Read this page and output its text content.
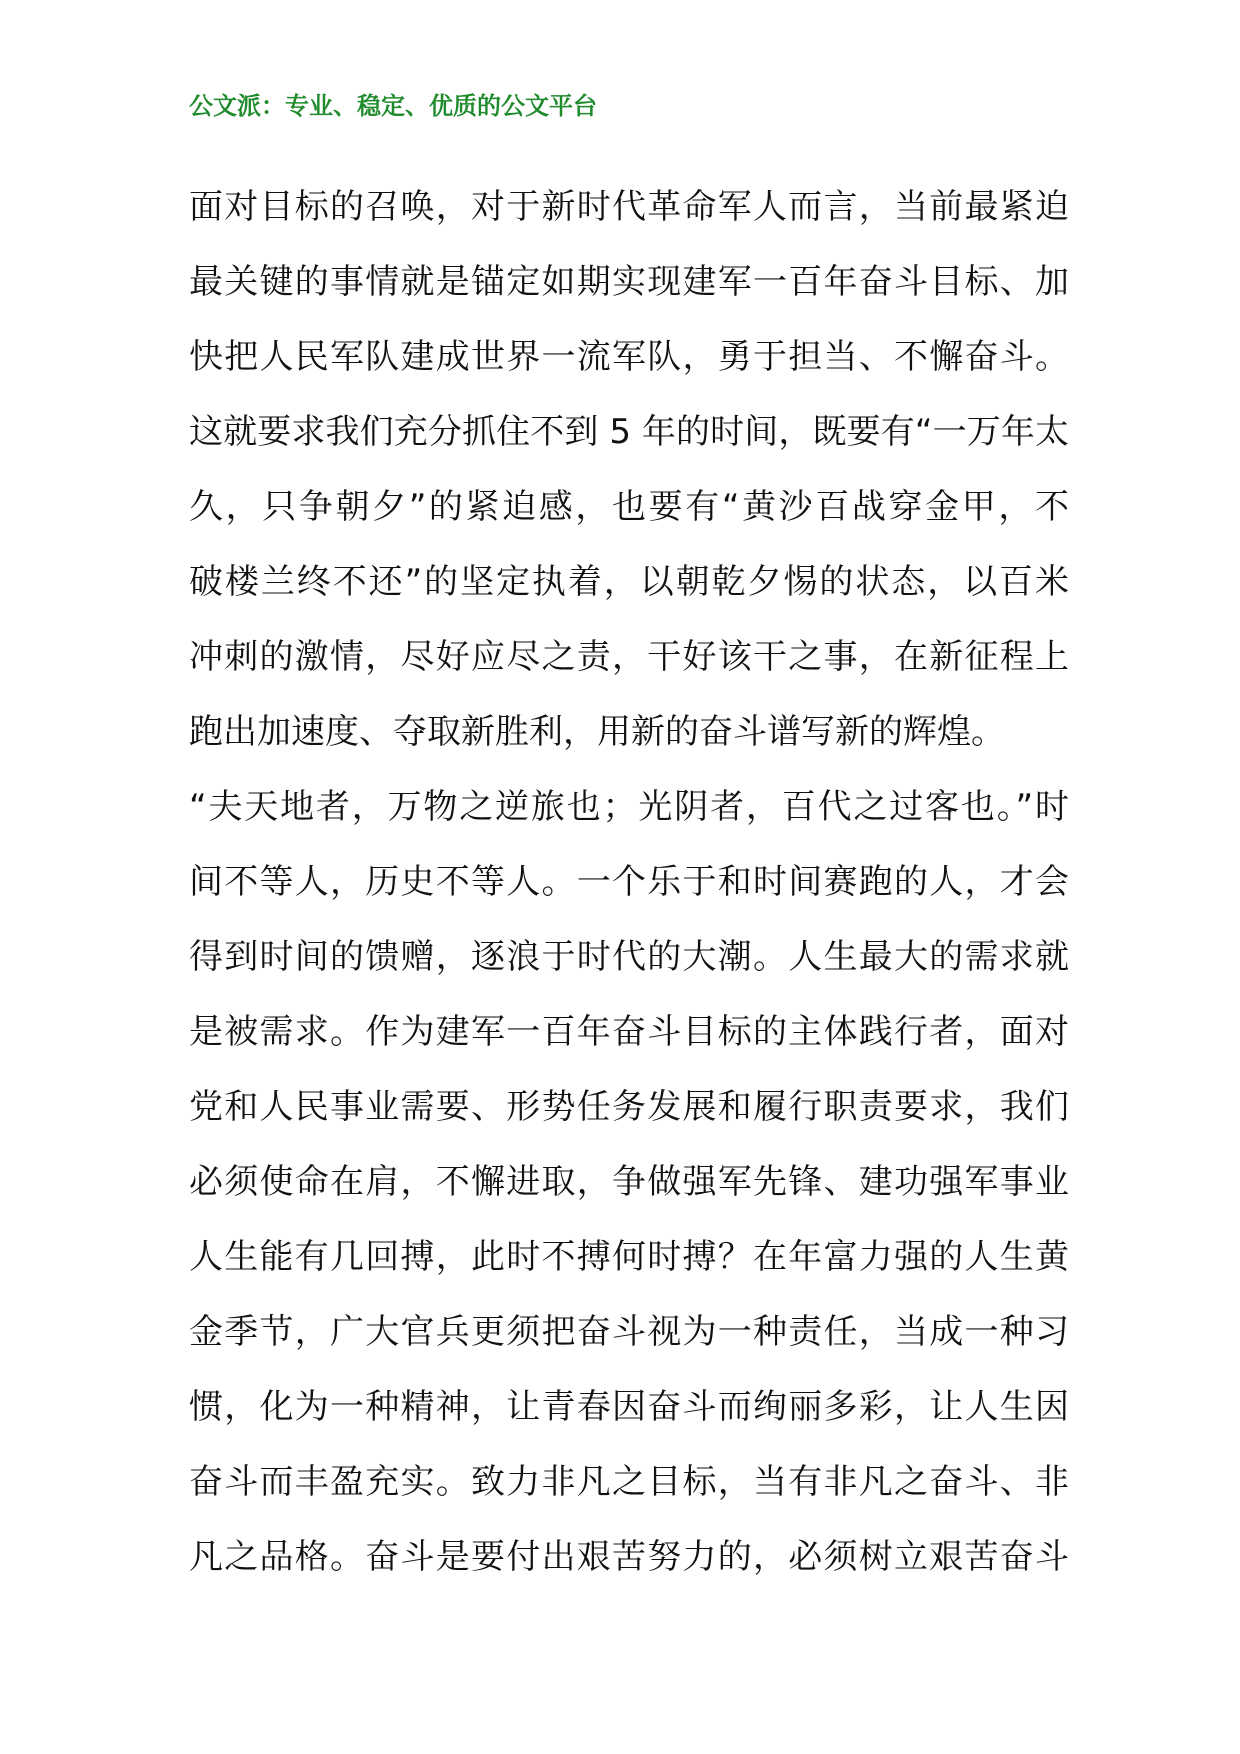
公文派：专业、稳定、优质的公文平台
面对目标的召唤，对于新时代革命军人而言，当前最紧迫
最关键的事情就是锚定如期实现建军一百年奋斗目标、加
快把人民军队建成世界一流军队，勇于担当、不懈奋斗。
这就要求我们充分抓住不到 5 年的时间，既要有“一万年太
久，只争朝夕”的紧迫感，也要有“黄沙百战穿金甲，不
破楼兰终不还”的坚定执着，以朝乾夕惕的状态，以百米
冲刺的激情，尽好应尽之责，干好该干之事，在新征程上
跑出加速度、夺取新胜利，用新的奋斗谱写新的辉煌。
“夫天地者，万物之逆旅也；光阴者，百代之过客也。”时
间不等人，历史不等人。一个乐于和时间赛跑的人，才会
得到时间的馈赠，逐浪于时代的大潮。人生最大的需求就
是被需求。作为建军一百年奋斗目标的主体践行者，面对
党和人民事业需要、形势任务发展和履行职责要求，我们
必须使命在肩，不懈进取，争做强军先锋、建功强军事业
人生能有几回搏，此时不搏何时搏？在年富力强的人生黄
金季节，广大官兵更须把奋斗视为一种责任，当成一种习
惯，化为一种精神，让青春因奋斗而绚丽多彩，让人生因
奋斗而丰盈充实。致力非凡之目标，当有非凡之奋斗、非
凡之品格。奋斗是要付出艰苦努力的，必须树立艰苦奋斗
